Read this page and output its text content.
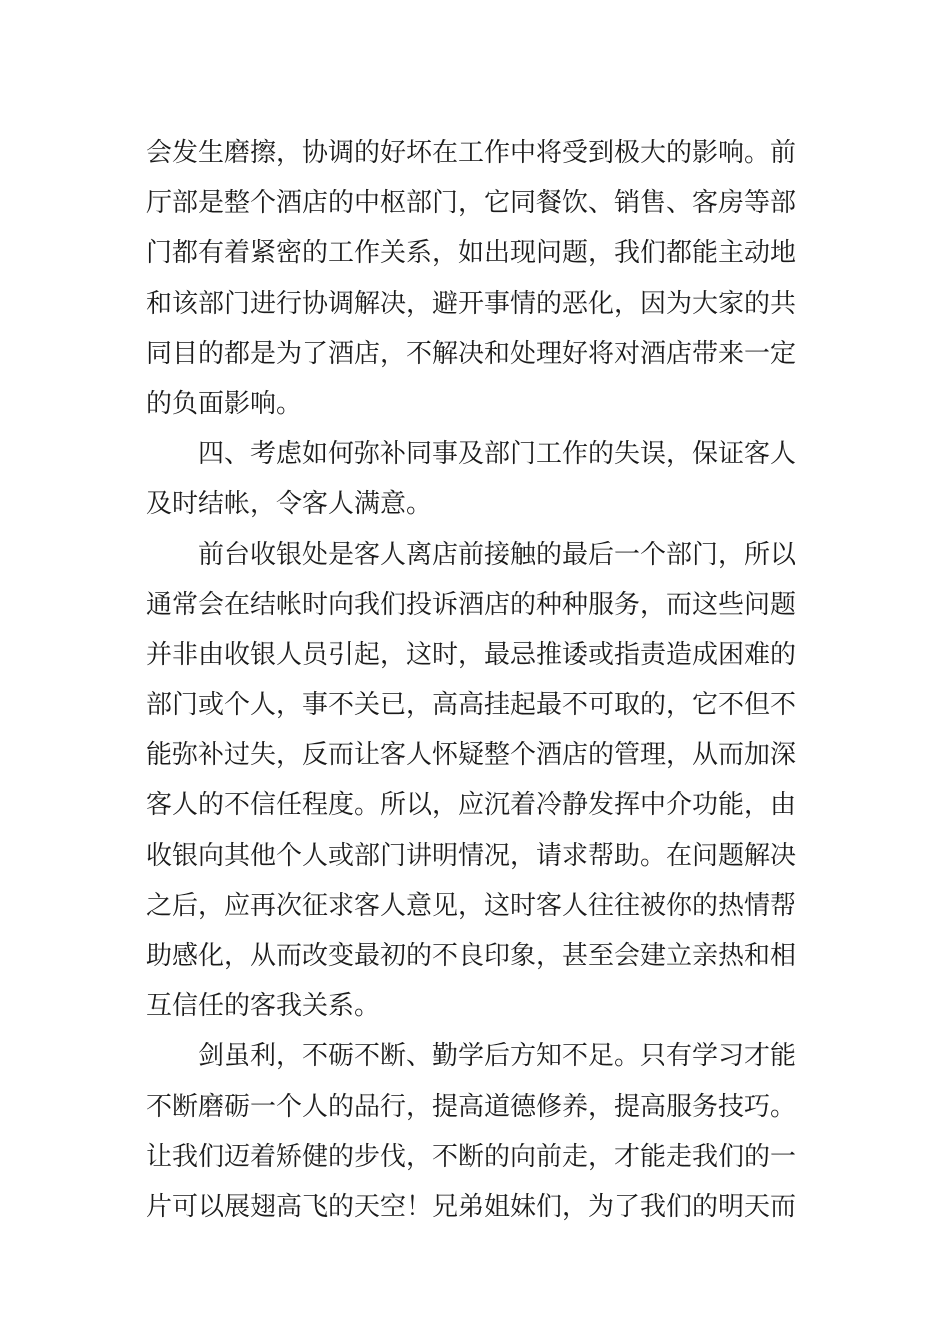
会发生磨擦，协调的好坏在工作中将受到极大的影响。前
厅部是整个酒店的中枢部门，它同餐饮、销售、客房等部
门都有着紧密的工作关系，如出现问题，我们都能主动地
和该部门进行协调解决，避开事情的恶化，因为大家的共
同目的都是为了酒店，不解决和处理好将对酒店带来一定
的负面影响。
四、考虑如何弥补同事及部门工作的失误，保证客人
及时结帐，令客人满意。
前台收银处是客人离店前接触的最后一个部门，所以
通常会在结帐时向我们投诉酒店的种种服务，而这些问题
并非由收银人员引起，这时，最忌推诿或指责造成困难的
部门或个人，事不关已，高高挂起最不可取的，它不但不
能弥补过失，反而让客人怀疑整个酒店的管理，从而加深
客人的不信任程度。所以，应沉着冷静发挥中介功能，由
收银向其他个人或部门讲明情况，请求帮助。在问题解决
之后，应再次征求客人意见，这时客人往往被你的热情帮
助感化，从而改变最初的不良印象，甚至会建立亲热和相
互信任的客我关系。
剑虽利，不砺不断、勤学后方知不足。只有学习才能
不断磨砺一个人的品行，提高道德修养，提高服务技巧。
让我们迈着矫健的步伐，不断的向前走，才能走我们的一
片可以展翅高飞的天空！兄弟姐妹们，为了我们的明天而
